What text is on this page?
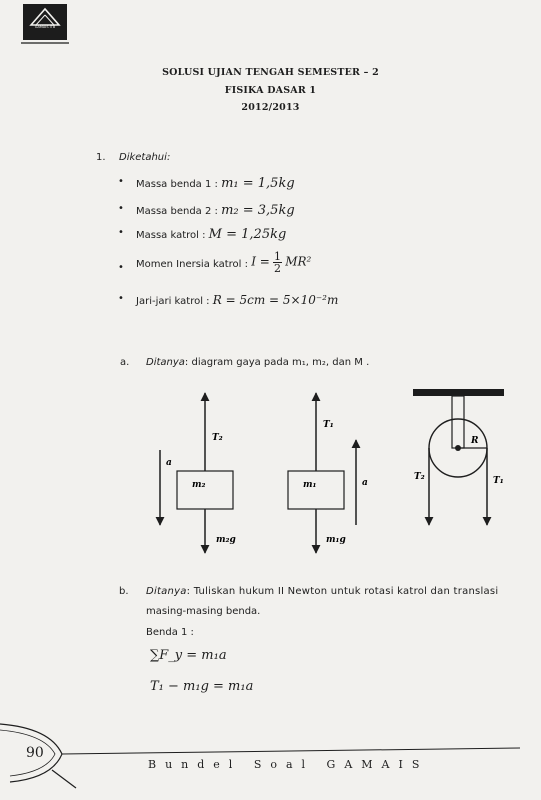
GAMAIS ITB
SOLUSI UJIAN TENGAH SEMESTER – 2
FISIKA DASAR 1
2012/2013
1. Diketahui:
• Massa benda 1 : m₁ = 1,5kg
• Massa benda 2 : m₂ = 3,5kg
• Massa katrol : M = 1,25kg
• Momen Inersia katrol : $I = \frac{1}{2} MR^2$
• Jari-jari katrol : R = 5cm = 5×10⁻²m
a. Ditanya: diagram gaya pada m₁, m₂, dan M .
T₂
T₁
a
a
m₂	m₁
m₂g	m₁g
R
T₂	T₁
b. Ditanya: Tuliskan hukum II Newton untuk rotasi katrol dan translasi
masing-masing benda.
Benda 1 :
∑F_y = m₁a
T₁ − m₁g = m₁a
90
Bundel Soal GAMAIS
